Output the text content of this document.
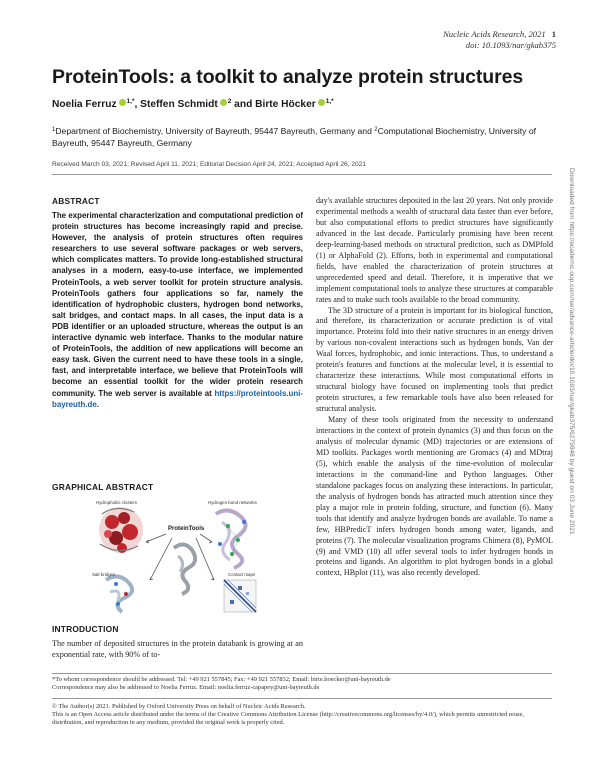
Nucleic Acids Research, 2021 1
doi: 10.1093/nar/gkab375
ProteinTools: a toolkit to analyze protein structures
Noelia Ferruz $^{1,*}$, Steffen Schmidt $^2$ and Birte Höcker $^{1,*}$
$^1$Department of Biochemistry, University of Bayreuth, 95447 Bayreuth, Germany and $^2$Computational Biochemistry, University of Bayreuth, 95447 Bayreuth, Germany
Received March 03, 2021; Revised April 11, 2021; Editorial Decision April 24, 2021; Accepted April 26, 2021
ABSTRACT
The experimental characterization and computational prediction of protein structures has become increasingly rapid and precise. However, the analysis of protein structures often requires researchers to use several software packages or web servers, which complicates matters. To provide long-established structural analyses in a modern, easy-to-use interface, we implemented ProteinTools, a web server toolkit for protein structure analysis. ProteinTools gathers four applications so far, namely the identification of hydrophobic clusters, hydrogen bond networks, salt bridges, and contact maps. In all cases, the input data is a PDB identifier or an uploaded structure, whereas the output is an interactive dynamic web interface. Thanks to the modular nature of ProteinTools, the addition of new applications will become an easy task. Given the current need to have these tools in a single, fast, and interpretable interface, we believe that ProteinTools will become an essential toolkit for the wider protein research community. The web server is available at https://proteintools.uni-bayreuth.de.
GRAPHICAL ABSTRACT
Hydrophobic clusters	Hydrogen bond networks
ProteinTools
Salt bridges	Contact maps
INTRODUCTION
The number of deposited structures in the protein databank is growing at an exponential rate, with 90% of to-

day's available structures deposited in the last 20 years. Not only provide experimental methods a wealth of structural data faster than ever before, but also computational efforts to predict structures have significantly advanced in the last decade. Particularly promising have been recent deep-learning-based methods on structural prediction, such as DMPfold (1) or AlphaFold (2). Efforts, both in experimental and computational fields, have enabled the characterization of protein structures at unprecedented speed and detail. Therefore, it is imperative that we implement computational tools to analyze these structures at comparable rates and to make such tools available to the broad community.

The 3D structure of a protein is important for its biological function, and therefore, its characterization or accurate prediction is of vital importance. Proteins fold into their native structures in an energy driven by various non-covalent interactions such as hydrogen bonds, Van der Waal forces, hydrophobic, and ionic interactions. Thus, to understand a protein's features and functions at the molecular level, it is essential to characterize these interactions. While most computational efforts in structural biology have focused on implementing tools that predict protein structures, a few remarkable tools have also been released for structural analysis.

Many of these tools originated from the necessity to understand interactions in the context of protein dynamics (3) and thus focus on the analysis of molecular dynamic (MD) trajectories or are extensions of MD toolkits. Packages worth mentioning are Gromacs (4) and MDtraj (5), which enable the analysis of the time-evolution of molecular interactions in the command-line and Python languages. Other standalone packages focus on analyzing these interactions. In particular, the analysis of hydrogen bonds has attracted much attention since they play a major role in protein folding, structure, and function (6). Many tools that identify and analyze hydrogen bonds are available. To name a few, HBPredicT infers hydrogen bonds among water, ligands, and proteins (7). The molecular visualization programs Chimera (8), PyMOL (9) and VMD (10) all offer several tools to infer hydrogen bonds in proteins and ligands. An algorithm to plot hydrogen bonds in a global context, HBplot (11), was also recently developed.

*To whom correspondence should be addressed. Tel: +49 921 557845; Fax: +49 921 557832; Email: birte.hoecker@uni-bayreuth.de
Correspondence may also be addressed to Noelia Ferruz. Email: noelia.ferruz-capapey@uni-bayreuth.de
© The Author(s) 2021. Published by Oxford University Press on behalf of Nucleic Acids Research.
This is an Open Access article distributed under the terms of the Creative Commons Attribution License (http://creativecommons.org/licenses/by/4.0/), which permits unrestricted reuse, distribution, and reproduction in any medium, provided the original work is properly cited.
Downloaded from https://academic.oup.com/nar/advance-article/doi/10.1093/nar/gkab375/6279848 by guest on 03 June 2021
